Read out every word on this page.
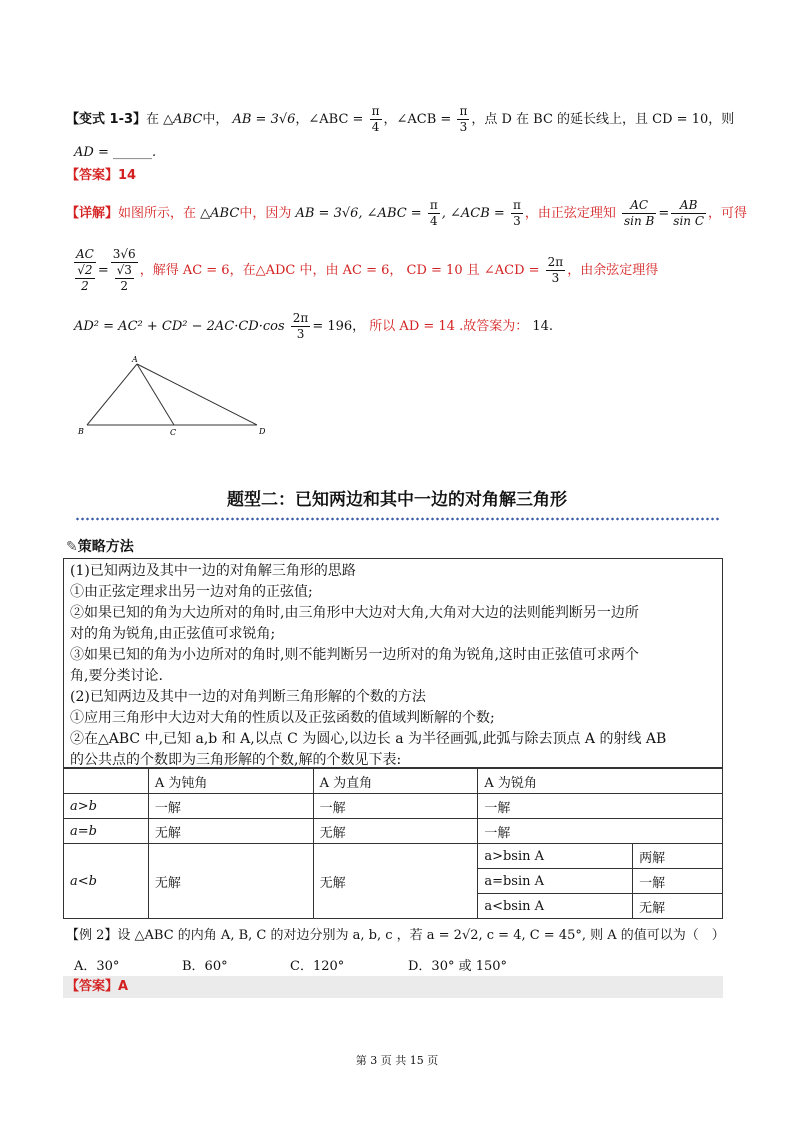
【变式 1-3】在 △ABC中， AB = 3√6，∠ABC = $\frac{\pi}{4}$ ，∠ACB = $\frac{\pi}{3}$ ，点 D 在 BC 的延长线上，且 CD = 10，则
AD = ______.
【答案】14
【详解】如图所示，在 △ABC中，因为 AB = 3√6, ∠ABC = $\frac{\pi}{4}$ , ∠ACB = $\frac{\pi}{3}$ ，由正弦定理知 $\frac{AC}{\text{sin B}} = \frac{AB}{\text{sin C}}$ ，可得
$\frac{AC}{\frac{√2}{2}} = \frac{3√6}{\frac{√3}{2}}$ ，解得 AC = 6，在△ADC 中，由 AC = 6， CD = 10 且 ∠ACD = $\frac{2\pi}{3}$ ，由余弦定理得
$AD^2 = AC^2 + CD^2 - 2AC\cdot CD\cdot\cos \frac{2\pi}{3} = 196$， 所以 AD = 14 .故答案为： 14.
A
B	C	D
题型二：已知两边和其中一边的对角解三角形
✎策略方法
(1)已知两边及其中一边的对角解三角形的思路
①由正弦定理求出另一边对角的正弦值;
②如果已知的角为大边所对的角时,由三角形中大边对大角,大角对大边的法则能判断另一边所
对的角为锐角,由正弦值可求锐角;
③如果已知的角为小边所对的角时,则不能判断另一边所对的角为锐角,这时由正弦值可求两个
角,要分类讨论.
(2)已知两边及其中一边的对角判断三角形解的个数的方法
①应用三角形中大边对大角的性质以及正弦函数的值域判断解的个数;
②在△ABC 中,已知 a,b 和 A,以点 C 为圆心,以边长 a 为半径画弧,此弧与除去顶点 A 的射线 AB
的公共点的个数即为三角形解的个数,解的个数见下表:
	A 为钝角	A 为直角	A 为锐角	
a>b	一解	一解	一解	
a=b	无解	无解	一解	
a<b	无解	无解	a>bsin A	两解
			a=bsin A	一解
			a<bsin A	无解
【例 2】设 △ABC 的内角 A, B, C 的对边分别为 a, b, c ，若 a = 2√2, c = 4, C = 45°, 则 A 的值可以为（　）
A．30°	B．60°	C．120°	D．30° 或 150°
【答案】A
第 3 页 共 15 页
